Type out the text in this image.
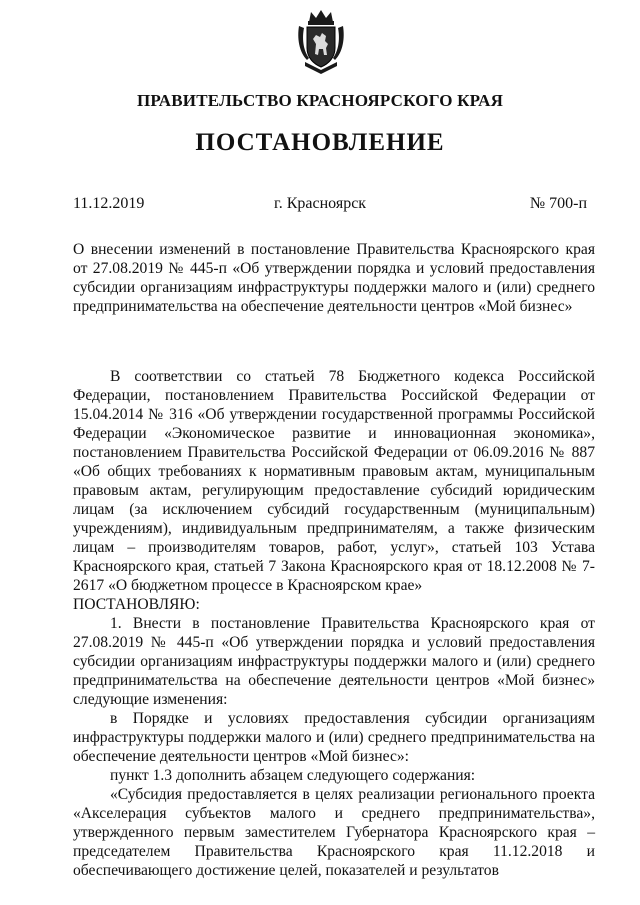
ПРАВИТЕЛЬСТВО КРАСНОЯРСКОГО КРАЯ
ПОСТАНОВЛЕНИЕ
11.12.2019	г. Красноярск	№ 700-п
О внесении изменений в постановление Правительства Красноярского края от 27.08.2019 № 445-п «Об утверждении порядка и условий предоставления субсидии организациям инфраструктуры поддержки малого и (или) среднего предпринимательства на обеспечение деятельности центров «Мой бизнес»

В соответствии со статьей 78 Бюджетного кодекса Российской Федерации, постановлением Правительства Российской Федерации от 15.04.2014 № 316 «Об утверждении государственной программы Российской Федерации «Экономическое развитие и инновационная экономика», постановлением Правительства Российской Федерации от 06.09.2016 № 887 «Об общих требованиях к нормативным правовым актам, муниципальным правовым актам, регулирующим предоставление субсидий юридическим лицам (за исключением субсидий государственным (муниципальным) учреждениям), индивидуальным предпринимателям, а также физическим лицам – производителям товаров, работ, услуг», статьей 103 Устава Красноярского края, статьей 7 Закона Красноярского края от 18.12.2008 № 7-2617 «О бюджетном процессе в Красноярском крае»

ПОСТАНОВЛЯЮ:

1. Внести в постановление Правительства Красноярского края от 27.08.2019 № 445-п «Об утверждении порядка и условий предоставления субсидии организациям инфраструктуры поддержки малого и (или) среднего предпринимательства на обеспечение деятельности центров «Мой бизнес» следующие изменения:

в Порядке и условиях предоставления субсидии организациям инфраструктуры поддержки малого и (или) среднего предпринимательства на обеспечение деятельности центров «Мой бизнес»:

пункт 1.3 дополнить абзацем следующего содержания:

«Субсидия предоставляется в целях реализации регионального проекта «Акселерация субъектов малого и среднего предпринимательства», утвержденного первым заместителем Губернатора Красноярского края – председателем Правительства Красноярского края 11.12.2018 и обеспечивающего достижение целей, показателей и результатов
